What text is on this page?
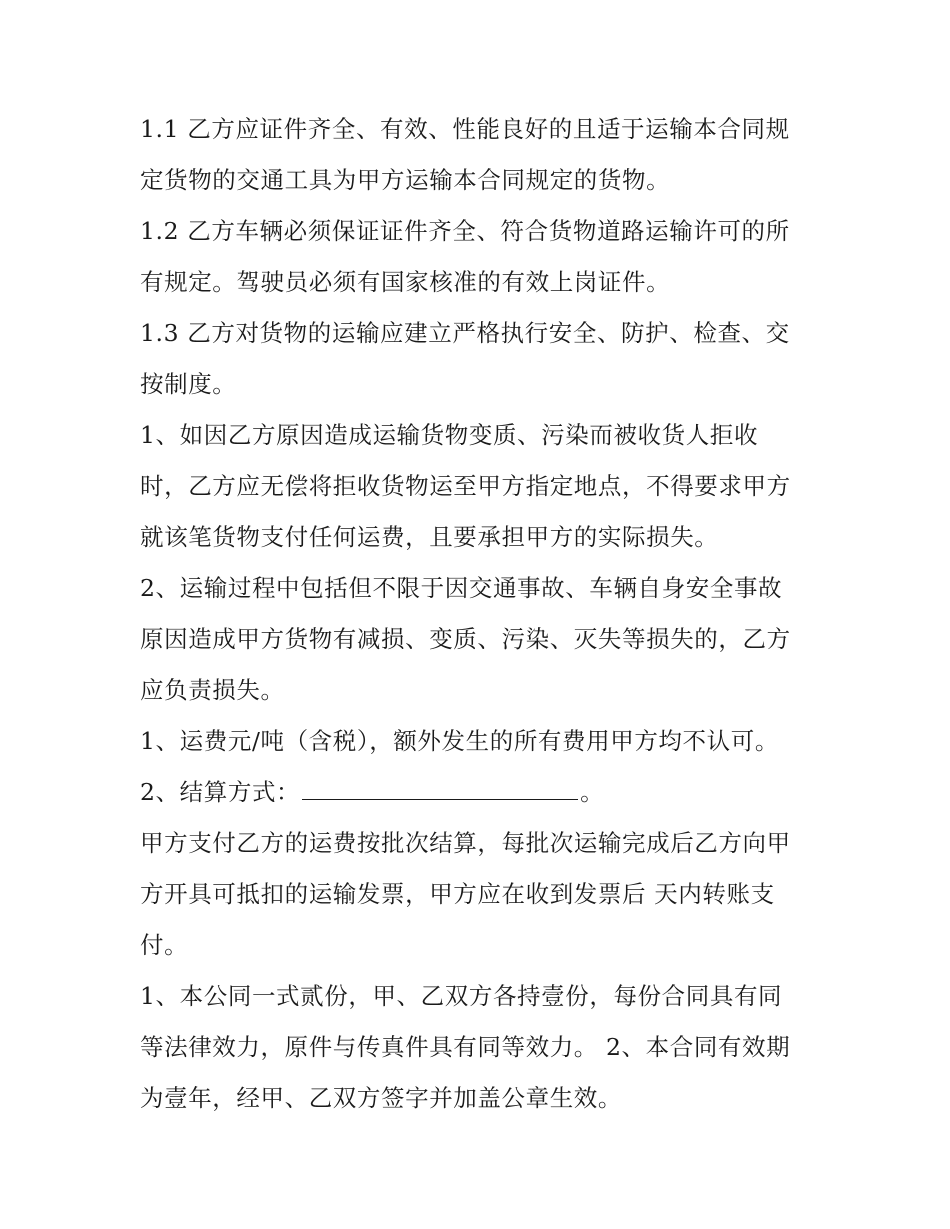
1.1 乙方应证件齐全、有效、性能良好的且适于运输本合同规
定货物的交通工具为甲方运输本合同规定的货物。
1.2 乙方车辆必须保证证件齐全、符合货物道路运输许可的所
有规定。驾驶员必须有国家核准的有效上岗证件。
1.3 乙方对货物的运输应建立严格执行安全、防护、检查、交
按制度。
1、如因乙方原因造成运输货物变质、污染而被收货人拒收
时，乙方应无偿将拒收货物运至甲方指定地点，不得要求甲方
就该笔货物支付任何运费，且要承担甲方的实际损失。
2、运输过程中包括但不限于因交通事故、车辆自身安全事故
原因造成甲方货物有减损、变质、污染、灭失等损失的，乙方
应负责损失。
1、运费元/吨（含税），额外发生的所有费用甲方均不认可。
2、结算方式：	。
甲方支付乙方的运费按批次结算，每批次运输完成后乙方向甲
方开具可抵扣的运输发票，甲方应在收到发票后 天内转账支
付。
1、本公同一式贰份，甲、乙双方各持壹份，每份合同具有同
等法律效力，原件与传真件具有同等效力。 2、本合同有效期
为壹年，经甲、乙双方签字并加盖公章生效。
